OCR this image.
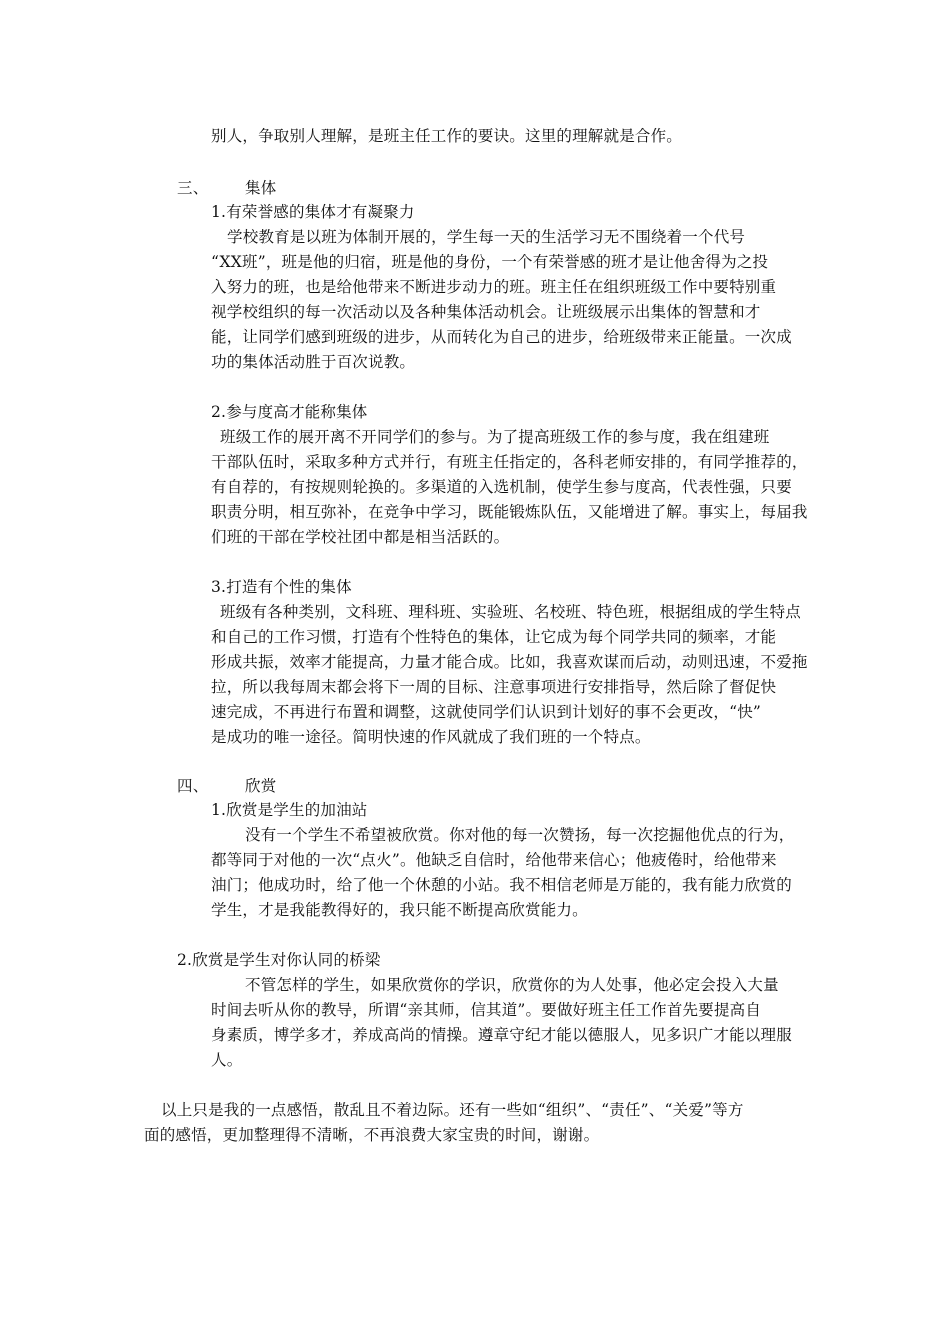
别人，争取别人理解，是班主任工作的要诀。这里的理解就是合作。
三、 集体
1.有荣誉感的集体才有凝聚力
学校教育是以班为体制开展的，学生每一天的生活学习无不围绕着一个代号
“XX班”，班是他的归宿，班是他的身份，一个有荣誉感的班才是让他舍得为之投
入努力的班，也是给他带来不断进步动力的班。班主任在组织班级工作中要特别重
视学校组织的每一次活动以及各种集体活动机会。让班级展示出集体的智慧和才
能，让同学们感到班级的进步，从而转化为自己的进步，给班级带来正能量。一次成
功的集体活动胜于百次说教。
2.参与度高才能称集体
班级工作的展开离不开同学们的参与。为了提高班级工作的参与度，我在组建班
干部队伍时，采取多种方式并行，有班主任指定的，各科老师安排的，有同学推荐的，
有自荐的，有按规则轮换的。多渠道的入选机制，使学生参与度高，代表性强，只要
职责分明，相互弥补，在竞争中学习，既能锻炼队伍，又能增进了解。事实上，每届我
们班的干部在学校社团中都是相当活跃的。
3.打造有个性的集体
班级有各种类别，文科班、理科班、实验班、名校班、特色班，根据组成的学生特点
和自己的工作习惯，打造有个性特色的集体，让它成为每个同学共同的频率，才能
形成共振，效率才能提高，力量才能合成。比如，我喜欢谋而后动，动则迅速，不爱拖
拉，所以我每周末都会将下一周的目标、注意事项进行安排指导，然后除了督促快
速完成，不再进行布置和调整，这就使同学们认识到计划好的事不会更改，“快”
是成功的唯一途径。简明快速的作风就成了我们班的一个特点。
四、 欣赏
1.欣赏是学生的加油站
没有一个学生不希望被欣赏。你对他的每一次赞扬，每一次挖掘他优点的行为，
都等同于对他的一次“点火”。他缺乏自信时，给他带来信心；他疲倦时，给他带来
油门；他成功时，给了他一个休憩的小站。我不相信老师是万能的，我有能力欣赏的
学生，才是我能教得好的，我只能不断提高欣赏能力。
2.欣赏是学生对你认同的桥梁
不管怎样的学生，如果欣赏你的学识，欣赏你的为人处事，他必定会投入大量
时间去听从你的教导，所谓“亲其师，信其道”。要做好班主任工作首先要提高自
身素质，博学多才，养成高尚的情操。遵章守纪才能以德服人，见多识广才能以理服
人。
以上只是我的一点感悟，散乱且不着边际。还有一些如“组织”、“责任”、“关爱”等方
面的感悟，更加整理得不清晰，不再浪费大家宝贵的时间，谢谢。
